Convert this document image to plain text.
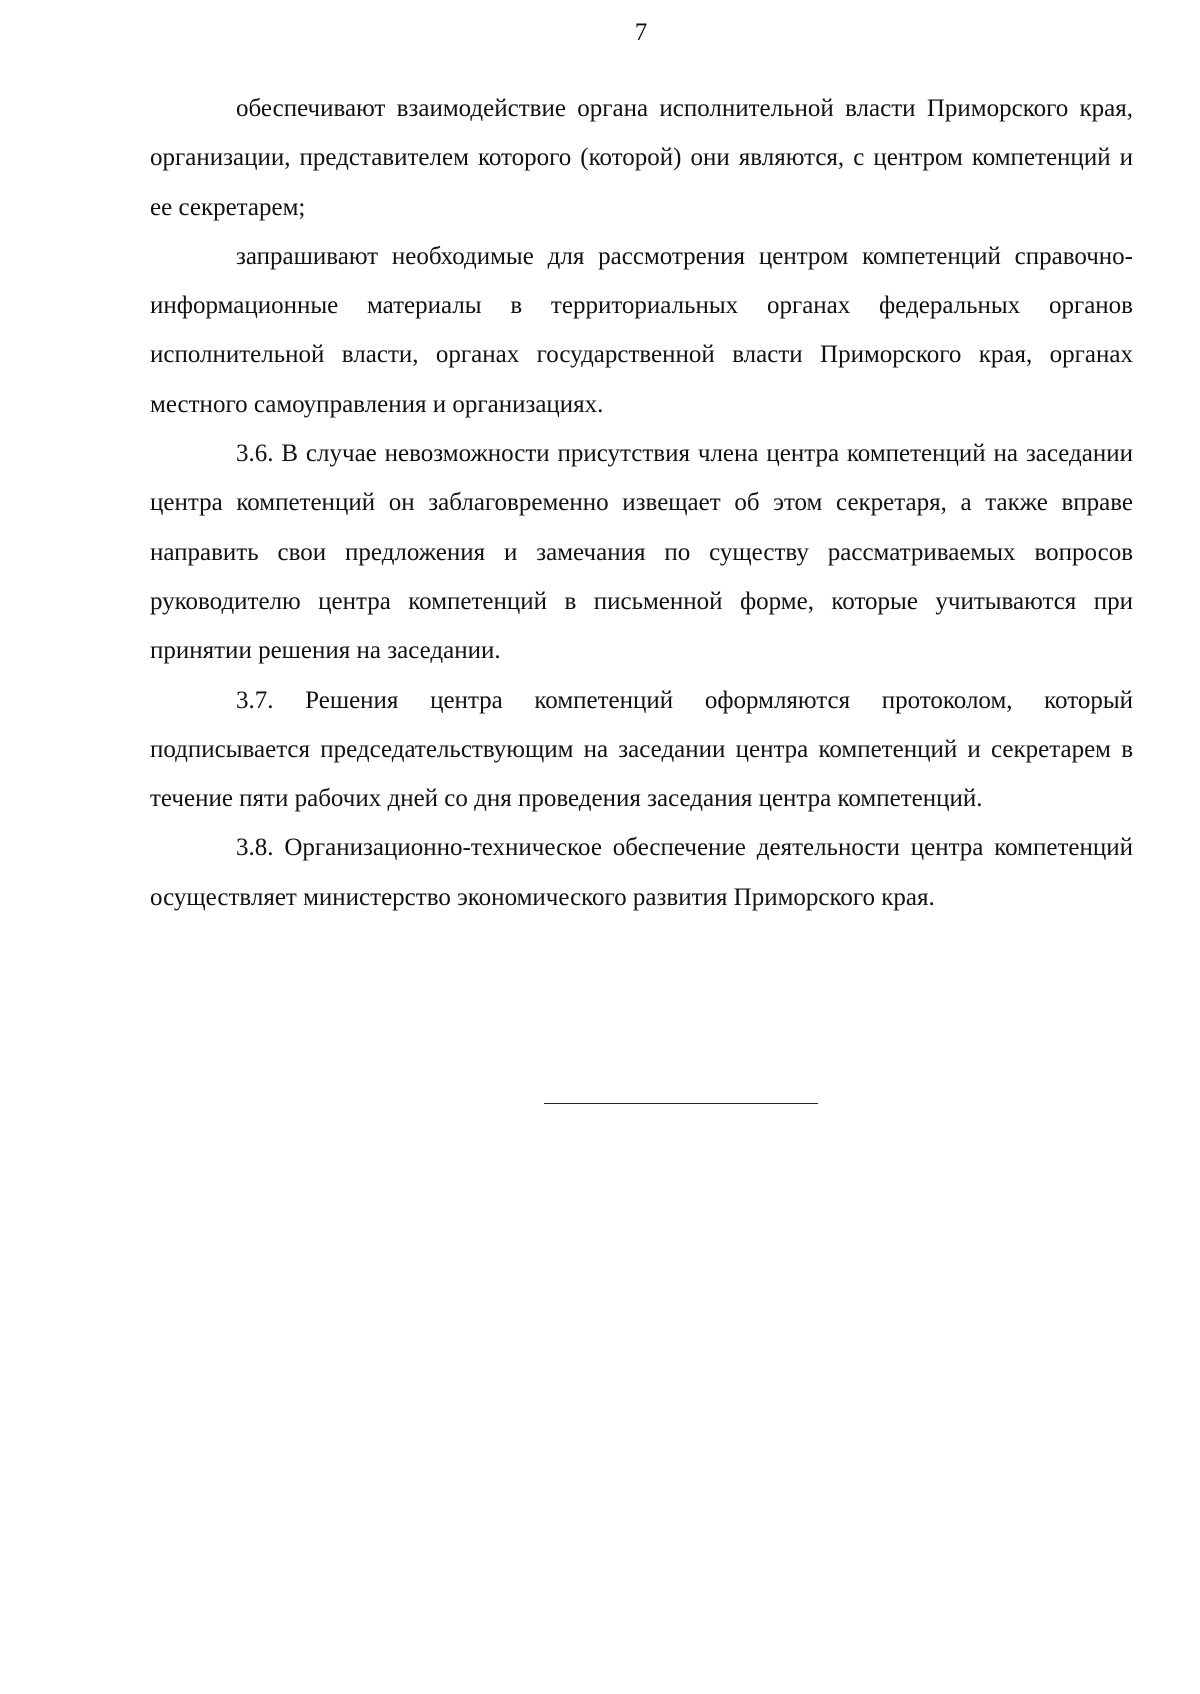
7

обеспечивают взаимодействие органа исполнительной власти Приморского края, организации, представителем которого (которой) они являются, с центром компетенций и ее секретарем;

запрашивают необходимые для рассмотрения центром компетенций справочно-информационные материалы в территориальных органах федеральных органов исполнительной власти, органах государственной власти Приморского края, органах местного самоуправления и организациях.

3.6. В случае невозможности присутствия члена центра компетенций на заседании центра компетенций он заблаговременно извещает об этом секретаря, а также вправе направить свои предложения и замечания по существу рассматриваемых вопросов руководителю центра компетенций в письменной форме, которые учитываются при принятии решения на заседании.

3.7. Решения центра компетенций оформляются протоколом, который подписывается председательствующим на заседании центра компетенций и секретарем в течение пяти рабочих дней со дня проведения заседания центра компетенций.

3.8. Организационно-техническое обеспечение деятельности центра компетенций осуществляет министерство экономического развития Приморского края.
